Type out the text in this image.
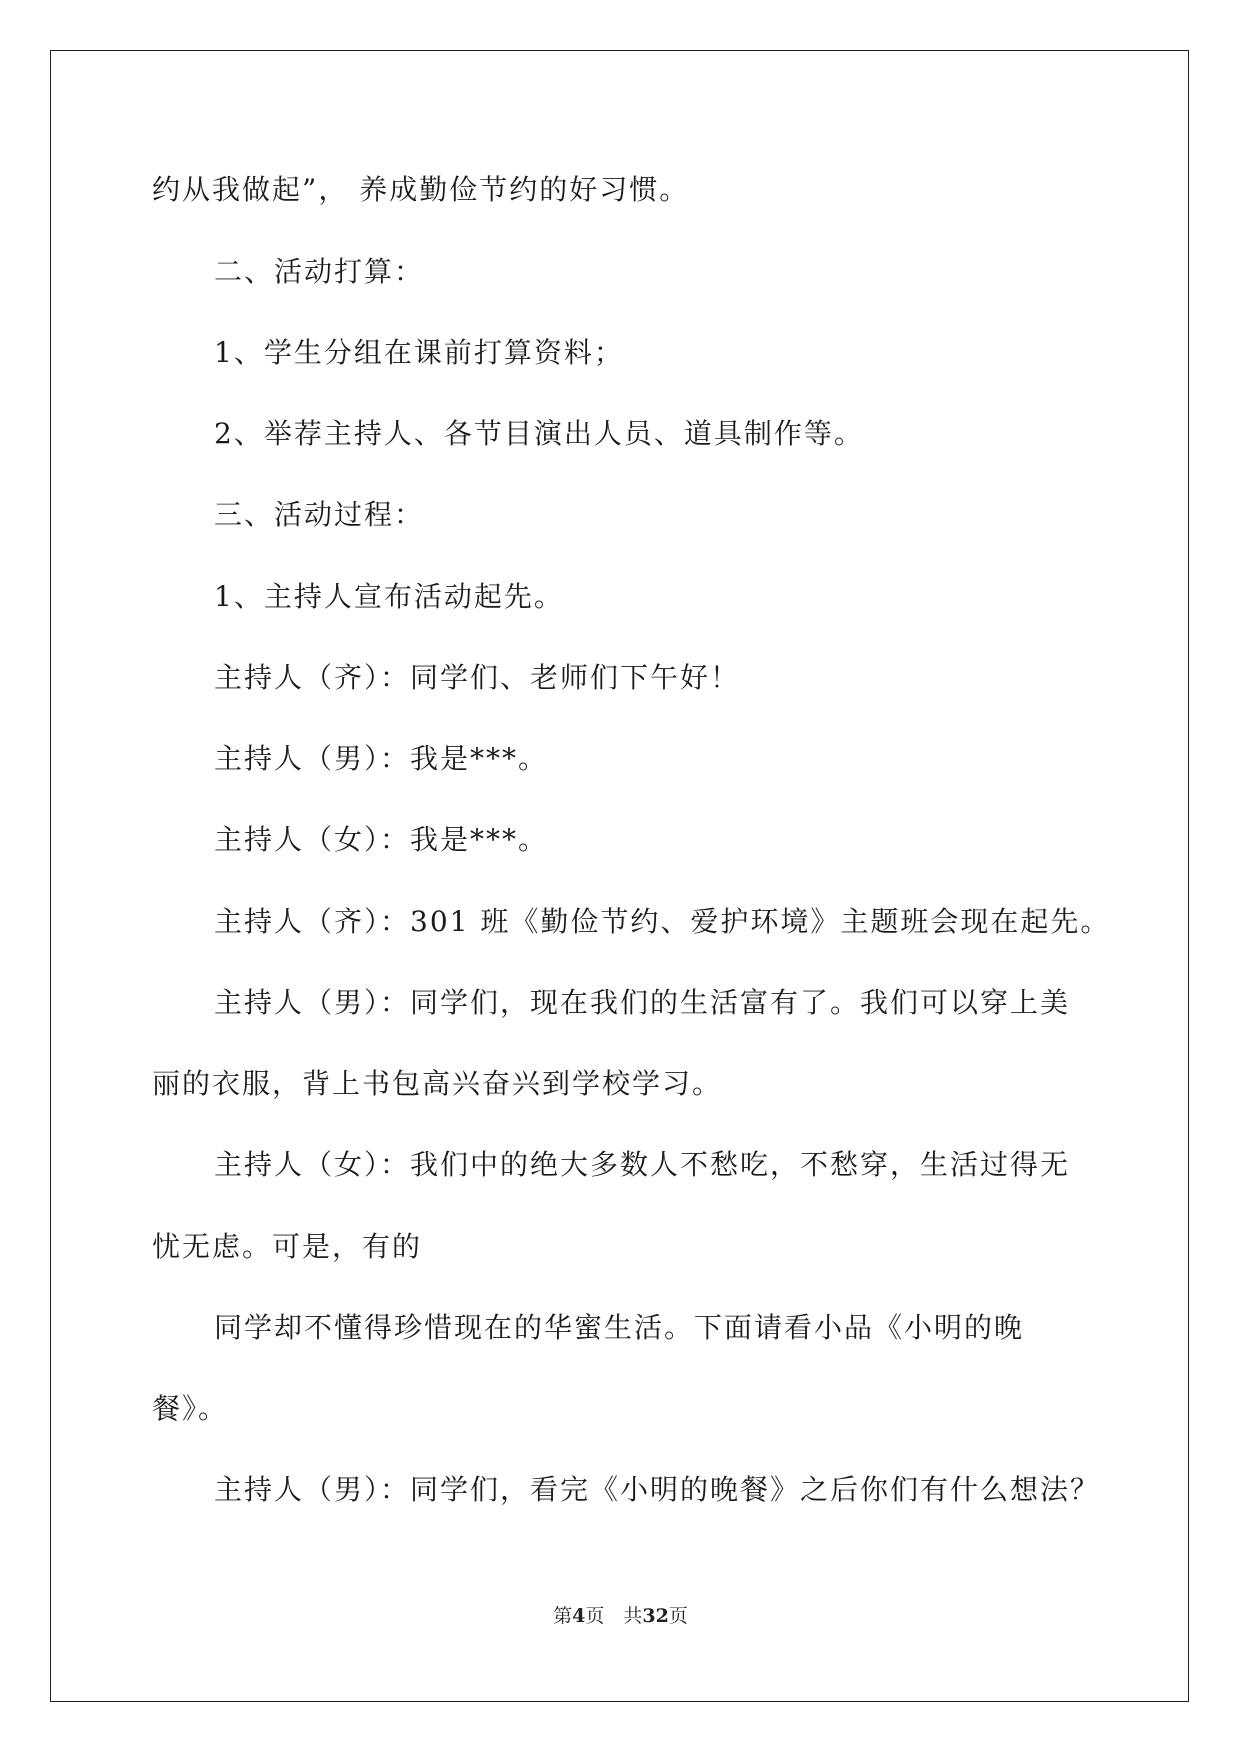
约从我做起”， 养成勤俭节约的好习惯。

二、活动打算：

1、学生分组在课前打算资料；

2、举荐主持人、各节目演出人员、道具制作等。

三、活动过程：

1、主持人宣布活动起先。

主持人（齐）：同学们、老师们下午好！

主持人（男）：我是***。

主持人（女）：我是***。

主持人（齐）：301 班《勤俭节约、爱护环境》主题班会现在起先。

主持人（男）：同学们，现在我们的生活富有了。我们可以穿上美

丽的衣服，背上书包高兴奋兴到学校学习。

主持人（女）：我们中的绝大多数人不愁吃，不愁穿，生活过得无

忧无虑。可是，有的

同学却不懂得珍惜现在的华蜜生活。下面请看小品《小明的晚

餐》。

主持人（男）：同学们，看完《小明的晚餐》之后你们有什么想法？

第4页　共32页
